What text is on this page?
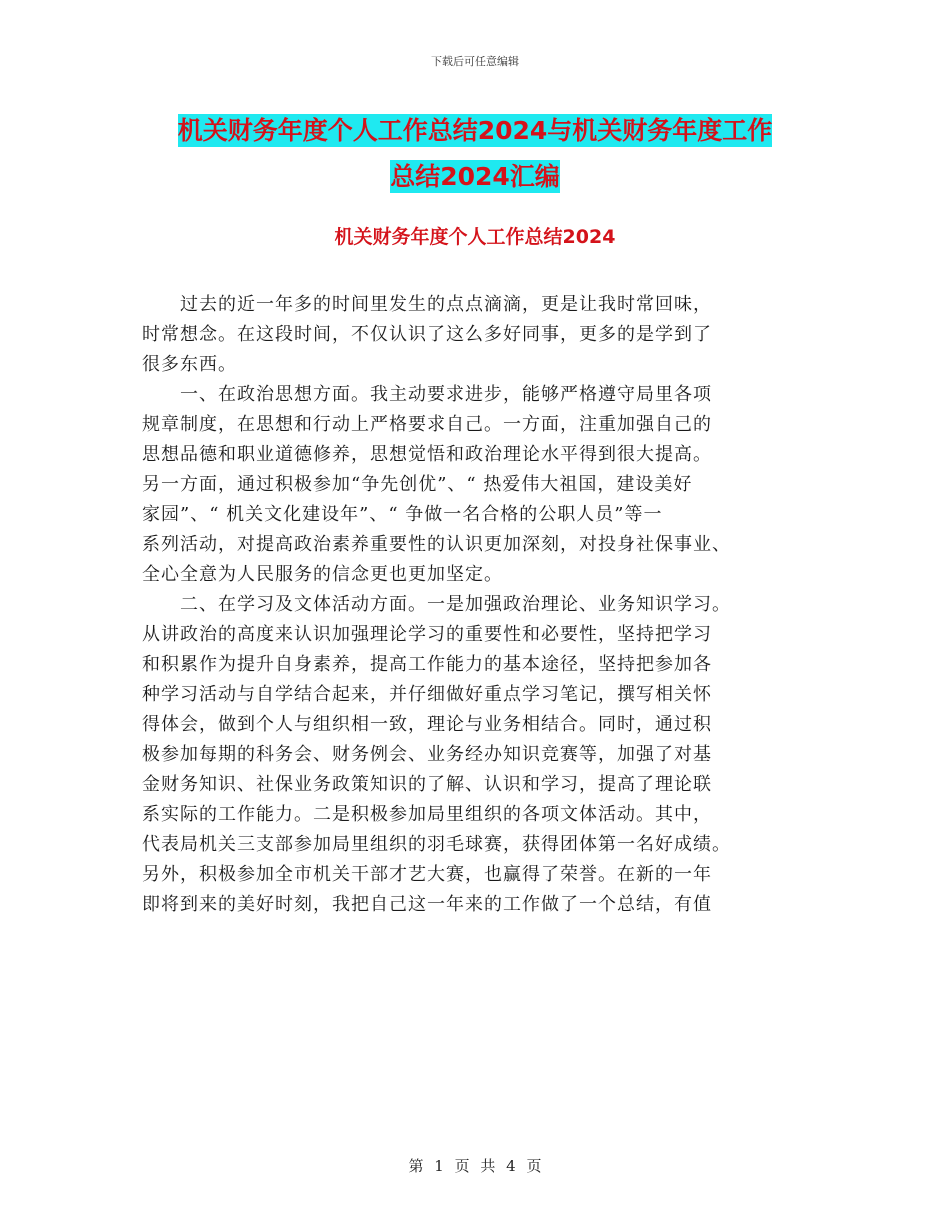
下载后可任意编辑
机关财务年度个人工作总结2024与机关财务年度工作
总结2024汇编
机关财务年度个人工作总结2024
过去的近一年多的时间里发生的点点滴滴，更是让我时常回味，
时常想念。在这段时间，不仅认识了这么多好同事，更多的是学到了
很多东西。
一、在政治思想方面。我主动要求进步，能够严格遵守局里各项
规章制度，在思想和行动上严格要求自己。一方面，注重加强自己的
思想品德和职业道德修养，思想觉悟和政治理论水平得到很大提高。
另一方面，通过积极参加“争先创优”、“ 热爱伟大祖国，建设美好
家园”、“ 机关文化建设年”、“ 争做一名合格的公职人员”等一
系列活动，对提高政治素养重要性的认识更加深刻，对投身社保事业、
全心全意为人民服务的信念更也更加坚定。
二、在学习及文体活动方面。一是加强政治理论、业务知识学习。
从讲政治的高度来认识加强理论学习的重要性和必要性，坚持把学习
和积累作为提升自身素养，提高工作能力的基本途径，坚持把参加各
种学习活动与自学结合起来，并仔细做好重点学习笔记，撰写相关怀
得体会，做到个人与组织相一致，理论与业务相结合。同时，通过积
极参加每期的科务会、财务例会、业务经办知识竞赛等，加强了对基
金财务知识、社保业务政策知识的了解、认识和学习，提高了理论联
系实际的工作能力。二是积极参加局里组织的各项文体活动。其中，
代表局机关三支部参加局里组织的羽毛球赛，获得团体第一名好成绩。
另外，积极参加全市机关干部才艺大赛，也赢得了荣誉。在新的一年
即将到来的美好时刻，我把自己这一年来的工作做了一个总结，有值
第 1 页 共 4 页
